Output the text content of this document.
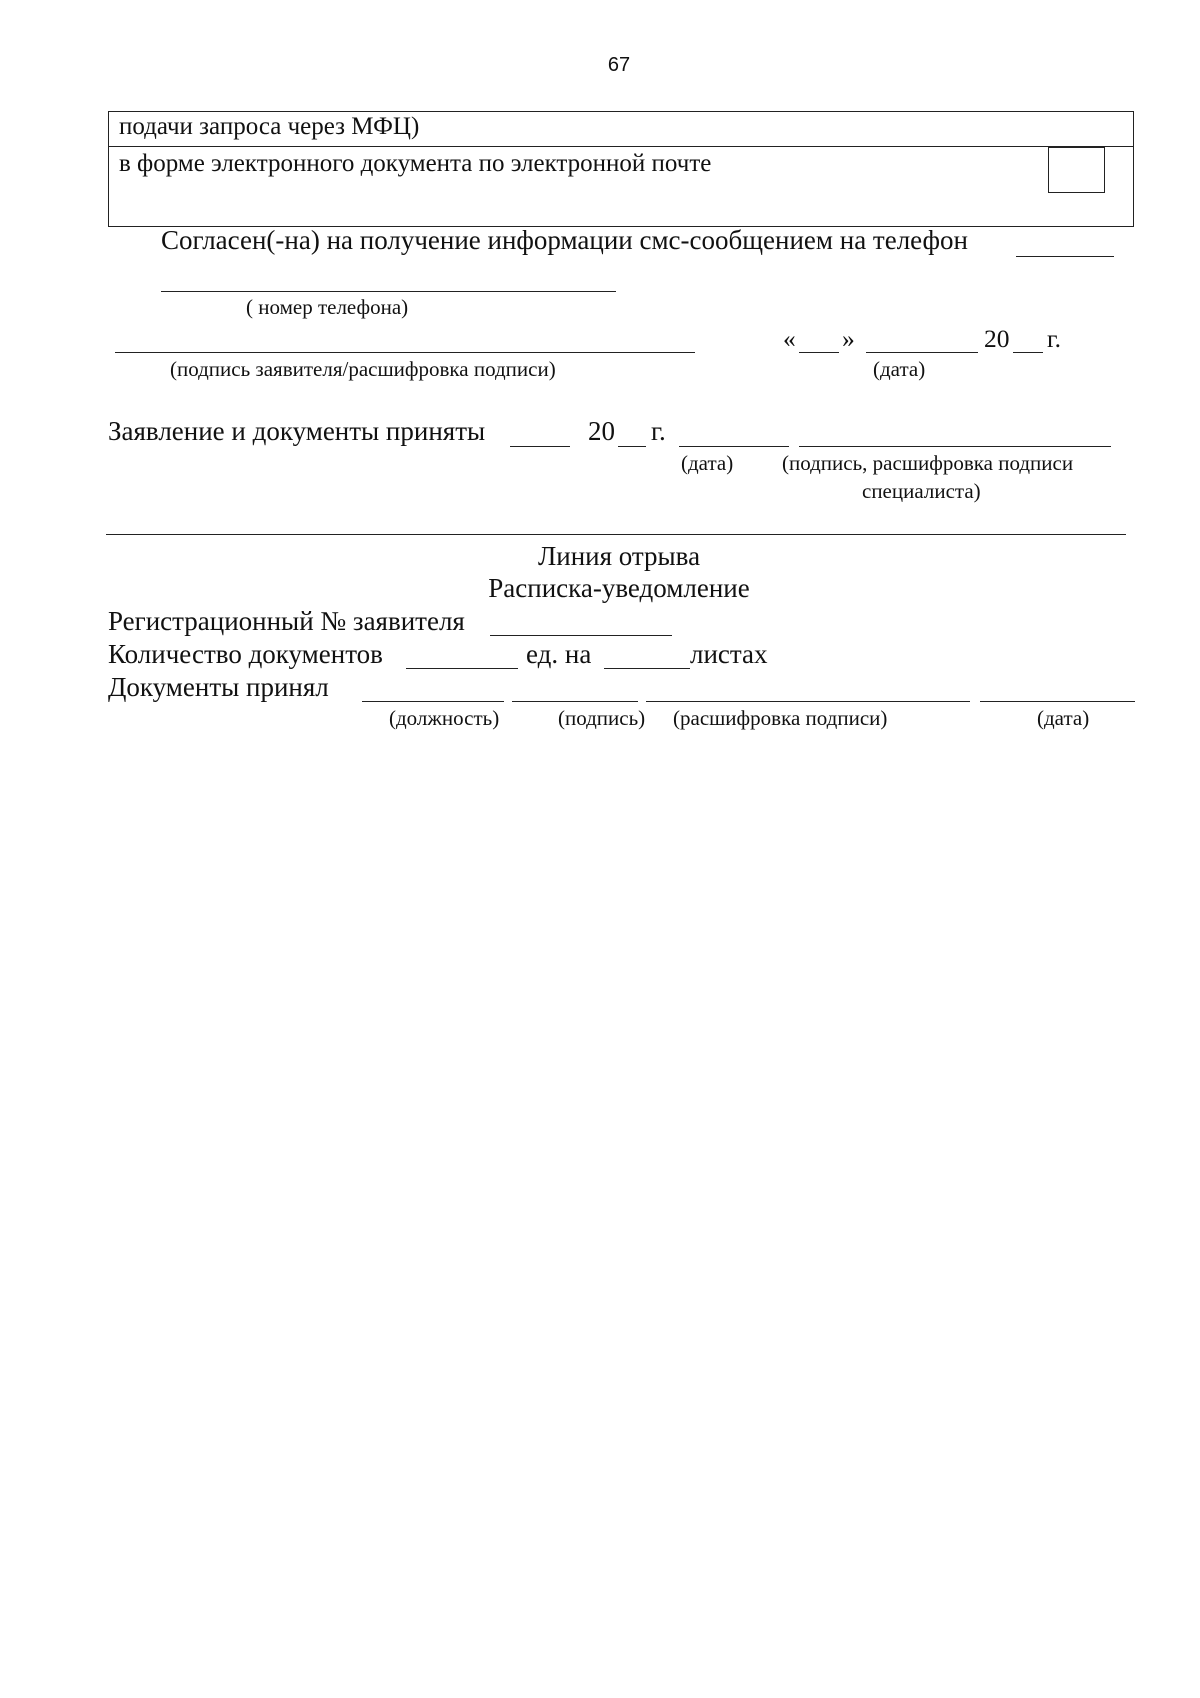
67
подачи запроса через МФЦ)
в форме электронного документа по электронной почте
Согласен(-на) на получение информации смс-сообщением на телефон
( номер телефона)
(подпись заявителя/расшифровка подписи)
« »	20 г.
(дата)
Заявление и документы приняты	20 г.
(дата) (подпись, расшифровка подписи
специалиста)
Линия отрыва
Расписка-уведомление
Регистрационный № заявителя
Количество документов	ед. на	листах
Документы принял
(должность)	(подпись) (расшифровка подписи)	(дата)
